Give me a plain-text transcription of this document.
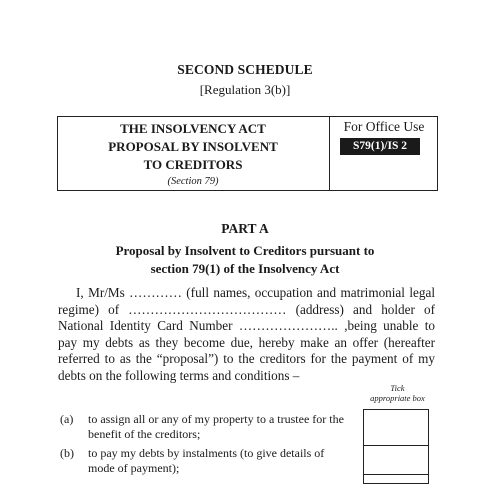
SECOND SCHEDULE
[Regulation 3(b)]
THE INSOLVENCY ACT
PROPOSAL BY INSOLVENT
TO CREDITORS
(Section 79)
For Office Use
S79(1)/IS 2
PART A
Proposal by Insolvent to Creditors pursuant to
section 79(1) of the Insolvency Act

I, Mr/Ms ………… (full names, occupation and matrimonial legal regime) of ……………………………… (address) and holder of National Identity Card Number ………………….. ,being unable to pay my debts as they become due, hereby make an offer (hereafter referred to as the “proposal”) to the creditors for the payment of my debts on the following terms and conditions –

Tick
appropriate box
(a)	to assign all or any of my property to a trustee for the benefit of the creditors;
(b)	to pay my debts by instalments (to give details of mode of payment);
